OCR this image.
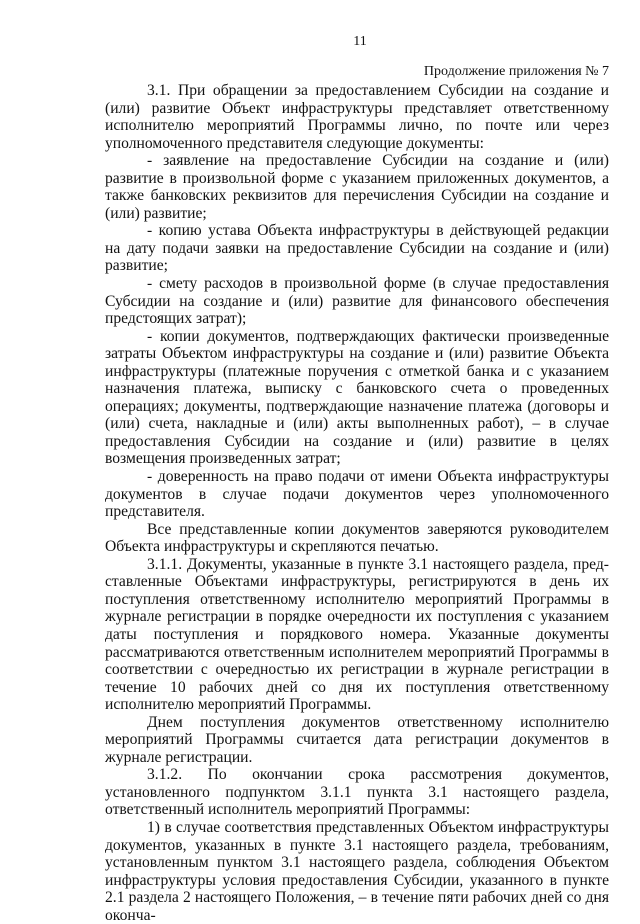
11
Продолжение приложения № 7

3.1. При обращении за предоставлением Субсидии на создание и (или) развитие Объект инфраструктуры представляет ответственному исполнителю мероприятий Программы лично, по почте или через уполномоченного представителя следующие документы:

- заявление на предоставление Субсидии на создание и (или) развитие в произвольной форме с указанием приложенных документов, а также банковских реквизитов для перечисления Субсидии на создание и (или) развитие;

- копию устава Объекта инфраструктуры в действующей редакции на дату подачи заявки на предоставление Субсидии на создание и (или) развитие;

- смету расходов в произвольной форме (в случае предоставления Субсидии на создание и (или) развитие для финансового обеспечения предстоящих затрат);

- копии документов, подтверждающих фактически произведенные затраты Объектом инфраструктуры на создание и (или) развитие Объекта инфраструктуры (платежные поручения с отметкой банка и с указанием назначения платежа, выписку с банковского счета о проведенных операциях; документы, подтверждающие назначение платежа (договоры и (или) счета, накладные и (или) акты выполненных работ), – в случае предоставления Субсидии на создание и (или) развитие в целях возмещения произведенных затрат;

- доверенность на право подачи от имени Объекта инфраструктуры документов в случае подачи документов через уполномоченного представителя.

Все представленные копии документов заверяются руководителем Объекта инфраструктуры и скрепляются печатью.

3.1.1. Документы, указанные в пункте 3.1 настоящего раздела, представленные Объектами инфраструктуры, регистрируются в день их поступления ответственному исполнителю мероприятий Программы в журнале регистрации в порядке очередности их поступления с указанием даты поступления и порядкового номера. Указанные документы рассматриваются ответственным исполнителем мероприятий Программы в соответствии с очередностью их регистрации в журнале регистрации в течение 10 рабочих дней со дня их поступления ответственному исполнителю мероприятий Программы.

Днем поступления документов ответственному исполнителю мероприятий Программы считается дата регистрации документов в журнале регистрации.

3.1.2. По окончании срока рассмотрения документов, установленного подпунктом 3.1.1 пункта 3.1 настоящего раздела, ответственный исполнитель мероприятий Программы:

1) в случае соответствия представленных Объектом инфраструктуры документов, указанных в пункте 3.1 настоящего раздела, требованиям, установленным пунктом 3.1 настоящего раздела, соблюдения Объектом инфраструктуры условия предоставления Субсидии, указанного в пункте 2.1 раздела 2 настоящего Положения, – в течение пяти рабочих дней со дня оконча-
